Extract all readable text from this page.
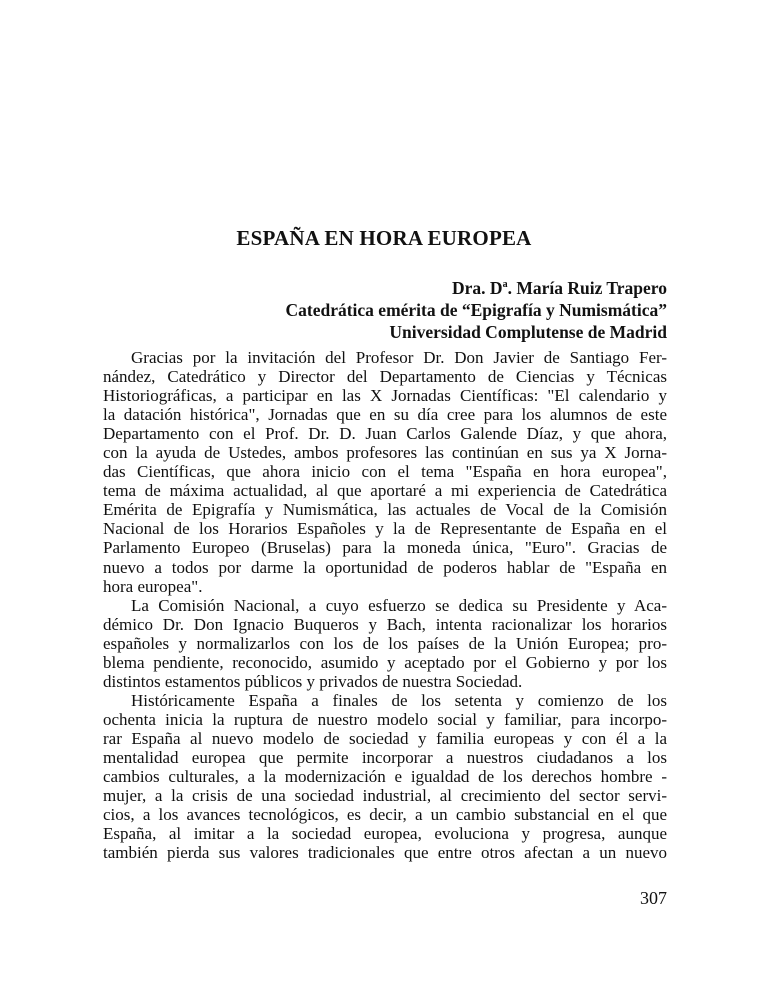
ESPAÑA EN HORA EUROPEA
Dra. $D^a$. María Ruiz Trapero
Catedrática emérita de “Epigrafía y Numismática”
Universidad Complutense de Madrid
Gracias por la invitación del Profesor Dr. Don Javier de Santiago Fer-
nández, Catedrático y Director del Departamento de Ciencias y Técnicas
Historiográficas, a participar en las X Jornadas Científicas: "El calendario y
la datación histórica", Jornadas que en su día cree para los alumnos de este
Departamento con el Prof. Dr. D. Juan Carlos Galende Díaz, y que ahora,
con la ayuda de Ustedes, ambos profesores las continúan en sus ya X Jorna-
das Científicas, que ahora inicio con el tema "España en hora europea",
tema de máxima actualidad, al que aportaré a mi experiencia de Catedrática
Emérita de Epigrafía y Numismática, las actuales de Vocal de la Comisión
Nacional de los Horarios Españoles y la de Representante de España en el
Parlamento Europeo (Bruselas) para la moneda única, "Euro". Gracias de
nuevo a todos por darme la oportunidad de poderos hablar de "España en
hora europea".
La Comisión Nacional, a cuyo esfuerzo se dedica su Presidente y Aca-
démico Dr. Don Ignacio Buqueros y Bach, intenta racionalizar los horarios
españoles y normalizarlos con los de los países de la Unión Europea; pro-
blema pendiente, reconocido, asumido y aceptado por el Gobierno y por los
distintos estamentos públicos y privados de nuestra Sociedad.
Históricamente España a finales de los setenta y comienzo de los
ochenta inicia la ruptura de nuestro modelo social y familiar, para incorpo-
rar España al nuevo modelo de sociedad y familia europeas y con él a la
mentalidad europea que permite incorporar a nuestros ciudadanos a los
cambios culturales, a la modernización e igualdad de los derechos hombre -
mujer, a la crisis de una sociedad industrial, al crecimiento del sector servi-
cios, a los avances tecnológicos, es decir, a un cambio substancial en el que
España, al imitar a la sociedad europea, evoluciona y progresa, aunque
también pierda sus valores tradicionales que entre otros afectan a un nuevo
307
